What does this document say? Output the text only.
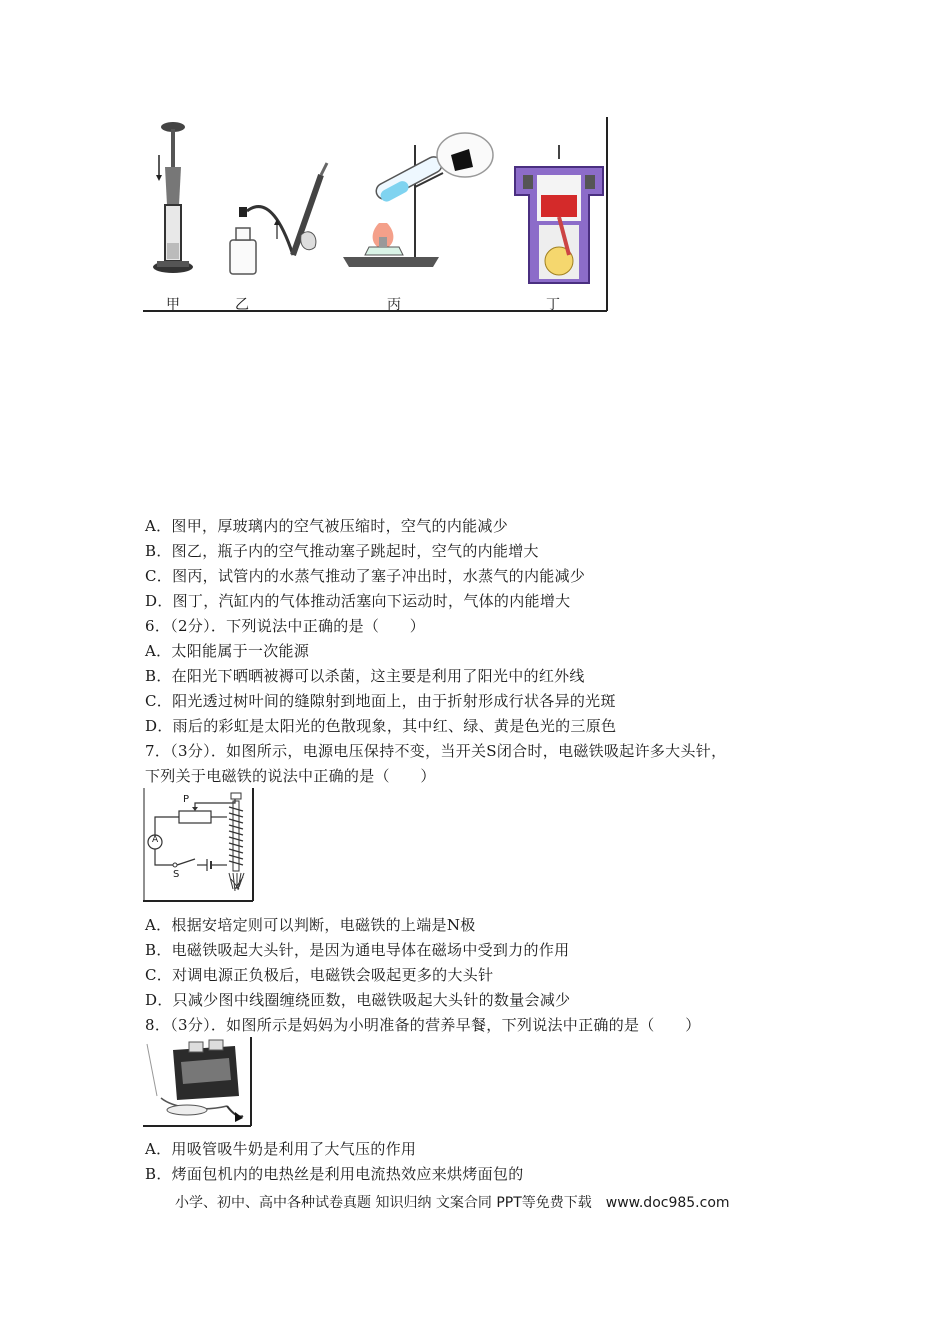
甲	乙	丙	丁
A．图甲，厚玻璃内的空气被压缩时，空气的内能减少
B．图乙，瓶子内的空气推动塞子跳起时，空气的内能增大
C．图丙，试管内的水蒸气推动了塞子冲出时，水蒸气的内能减少
D．图丁，汽缸内的气体推动活塞向下运动时，气体的内能增大
6．（2分）．下列说法中正确的是（　　）
A．太阳能属于一次能源
B．在阳光下晒晒被褥可以杀菌，这主要是利用了阳光中的红外线
C．阳光透过树叶间的缝隙射到地面上，由于折射形成行状各异的光斑
D．雨后的彩虹是太阳光的色散现象，其中红、绿、黄是色光的三原色
7．（3分）．如图所示，电源电压保持不变，当开关S闭合时，电磁铁吸起许多大头针，
下列关于电磁铁的说法中正确的是（　　）
P
A
S
A．根据安培定则可以判断，电磁铁的上端是N极
B．电磁铁吸起大头针，是因为通电导体在磁场中受到力的作用
C．对调电源正负极后，电磁铁会吸起更多的大头针
D．只减少图中线圈缠绕匝数，电磁铁吸起大头针的数量会减少
8．（3分）．如图所示是妈妈为小明准备的营养早餐，下列说法中正确的是（　　）
A．用吸管吸牛奶是利用了大气压的作用
B．烤面包机内的电热丝是利用电流热效应来烘烤面包的
小学、初中、高中各种试卷真题 知识归纳 文案合同 PPT等免费下载　www.doc985.com
